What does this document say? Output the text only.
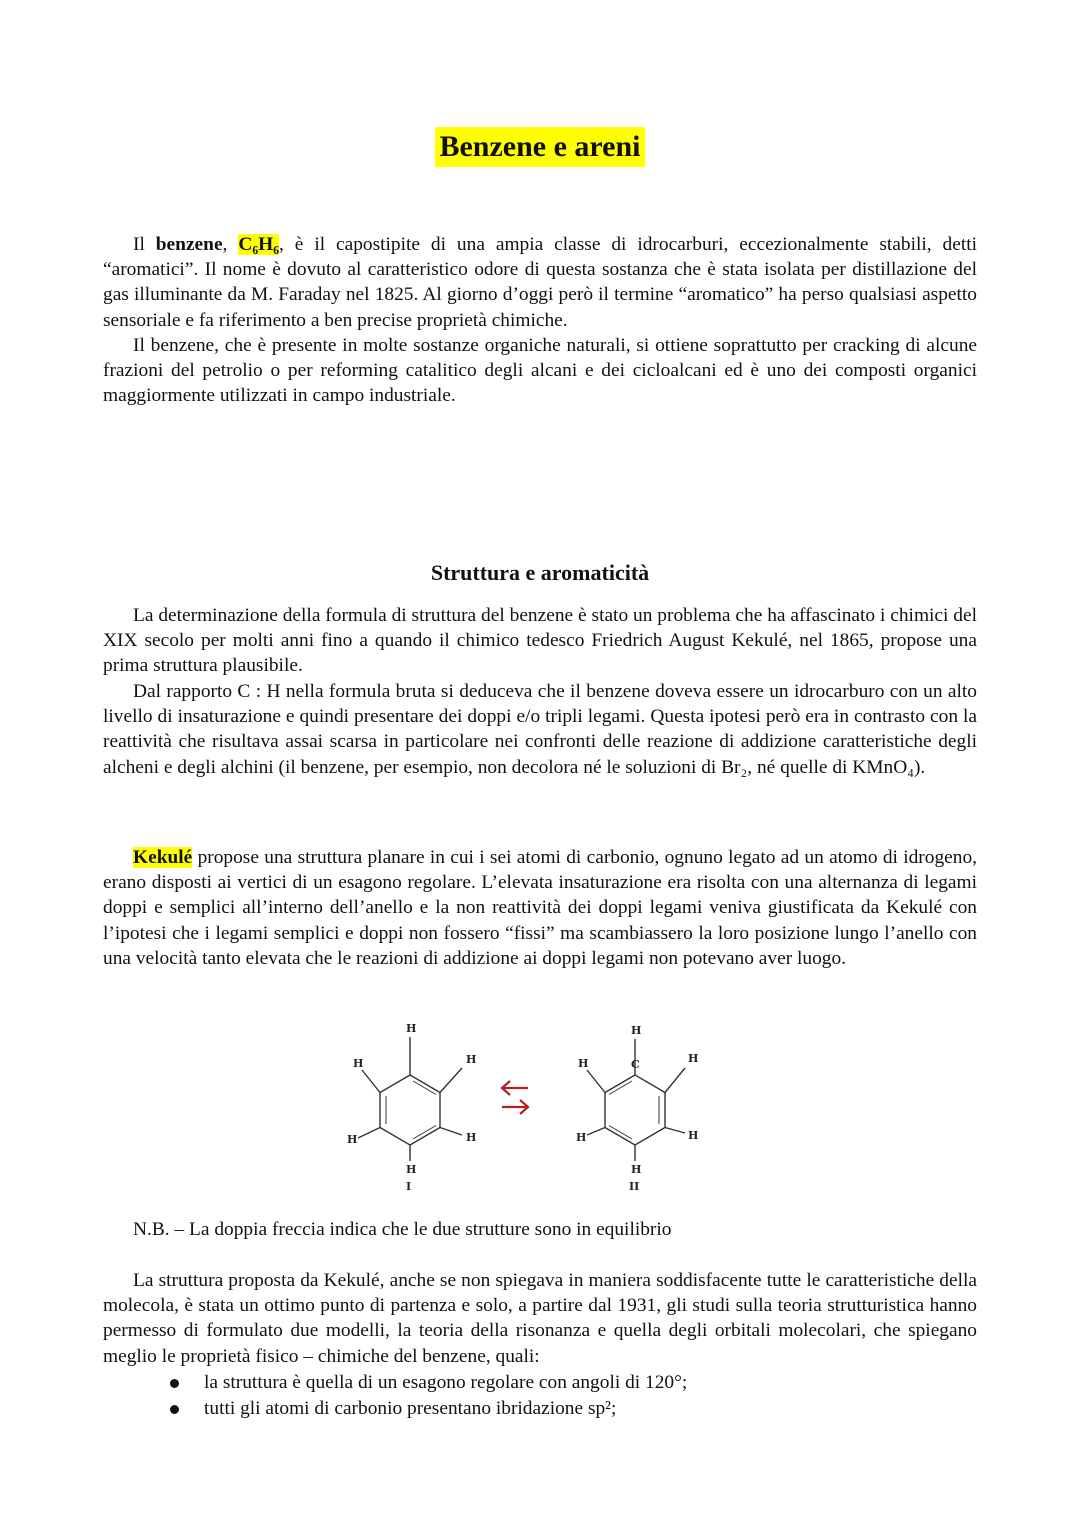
Benzene e areni

Il benzene, C₆H₆, è il capostipite di una ampia classe di idrocarburi, eccezionalmente stabili, detti “aromatici”. Il nome è dovuto al caratteristico odore di questa sostanza che è stata isolata per distillazione del gas illuminante da M. Faraday nel 1825. Al giorno d’oggi però il termine “aromatico” ha perso qualsiasi aspetto sensoriale e fa riferimento a ben precise proprietà chimiche.

Il benzene, che è presente in molte sostanze organiche naturali, si ottiene soprattutto per cracking di alcune frazioni del petrolio o per reforming catalitico degli alcani e dei cicloalcani ed è uno dei composti organici maggiormente utilizzati in campo industriale.

Struttura e aromaticità

La determinazione della formula di struttura del benzene è stato un problema che ha affascinato i chimici del XIX secolo per molti anni fino a quando il chimico tedesco Friedrich August Kekulé, nel 1865, propose una prima struttura plausibile.

Dal rapporto C : H nella formula bruta si deduceva che il benzene doveva essere un idrocarburo con un alto livello di insaturazione e quindi presentare dei doppi e/o tripli legami. Questa ipotesi però era in contrasto con la reattività che risultava assai scarsa in particolare nei confronti delle reazione di addizione caratteristiche degli alcheni e degli alchini (il benzene, per esempio, non decolora né le soluzioni di Br₂, né quelle di KMnO₄).

Kekulé propose una struttura planare in cui i sei atomi di carbonio, ognuno legato ad un atomo di idrogeno, erano disposti ai vertici di un esagono regolare. L’elevata insaturazione era risolta con una alternanza di legami doppi e semplici all’interno dell’anello e la non reattività dei doppi legami veniva giustificata da Kekulé con l’ipotesi che i legami semplici e doppi non fossero “fissi” ma scambiassero la loro posizione lungo l’anello con una velocità tanto elevata che le reazioni di addizione ai doppi legami non potevano aver luogo.

H
H
H
H
H
H
I
H
C	H
H
H
H
H
II
N.B. – La doppia freccia indica che le due strutture sono in equilibrio

La struttura proposta da Kekulé, anche se non spiegava in maniera soddisfacente tutte le caratteristiche della molecola, è stata un ottimo punto di partenza e solo, a partire dal 1931, gli studi sulla teoria strutturistica hanno permesso di formulato due modelli, la teoria della risonanza e quella degli orbitali molecolari, che spiegano meglio le proprietà fisico – chimiche del benzene, quali:

la struttura è quella di un esagono regolare con angoli di 120°;
tutti gli atomi di carbonio presentano ibridazione sp²;
